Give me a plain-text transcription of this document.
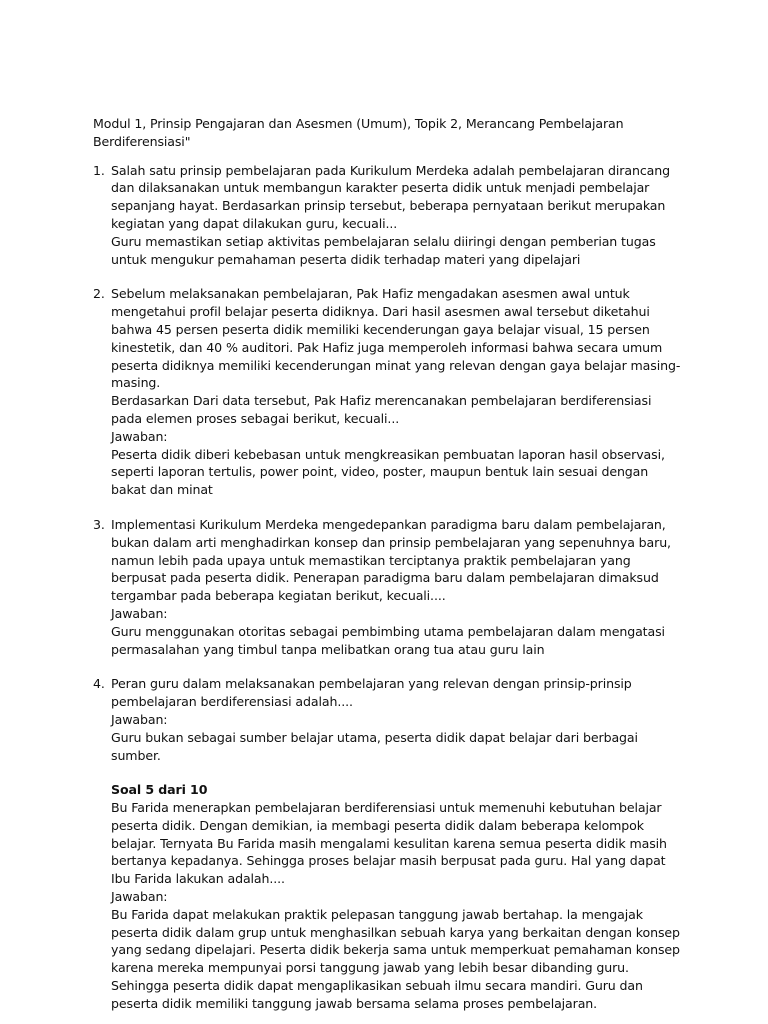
Modul 1, Prinsip Pengajaran dan Asesmen (Umum), Topik 2, Merancang Pembelajaran Berdiferensiasi"

1. Salah satu prinsip pembelajaran pada Kurikulum Merdeka adalah pembelajaran dirancang dan dilaksanakan untuk membangun karakter peserta didik untuk menjadi pembelajar sepanjang hayat. Berdasarkan prinsip tersebut, beberapa pernyataan berikut merupakan kegiatan yang dapat dilakukan guru, kecuali...

Guru memastikan setiap aktivitas pembelajaran selalu diiringi dengan pemberian tugas untuk mengukur pemahaman peserta didik terhadap materi yang dipelajari

2. Sebelum melaksanakan pembelajaran, Pak Hafiz mengadakan asesmen awal untuk mengetahui profil belajar peserta didiknya. Dari hasil asesmen awal tersebut diketahui bahwa 45 persen peserta didik memiliki kecenderungan gaya belajar visual, 15 persen kinestetik, dan 40 % auditori. Pak Hafiz juga memperoleh informasi bahwa secara umum peserta didiknya memiliki kecenderungan minat yang relevan dengan gaya belajar masing-masing.

Berdasarkan Dari data tersebut, Pak Hafiz merencanakan pembelajaran berdiferensiasi pada elemen proses sebagai berikut, kecuali...

Jawaban:

Peserta didik diberi kebebasan untuk mengkreasikan pembuatan laporan hasil observasi, seperti laporan tertulis, power point, video, poster, maupun bentuk lain sesuai dengan bakat dan minat

3. Implementasi Kurikulum Merdeka mengedepankan paradigma baru dalam pembelajaran, bukan dalam arti menghadirkan konsep dan prinsip pembelajaran yang sepenuhnya baru, namun lebih pada upaya untuk memastikan terciptanya praktik pembelajaran yang berpusat pada peserta didik. Penerapan paradigma baru dalam pembelajaran dimaksud tergambar pada beberapa kegiatan berikut, kecuali....

Jawaban:

Guru menggunakan otoritas sebagai pembimbing utama pembelajaran dalam mengatasi permasalahan yang timbul tanpa melibatkan orang tua atau guru lain

4. Peran guru dalam melaksanakan pembelajaran yang relevan dengan prinsip-prinsip pembelajaran berdiferensiasi adalah....

Jawaban:

Guru bukan sebagai sumber belajar utama, peserta didik dapat belajar dari berbagai sumber.

Soal 5 dari 10

Bu Farida menerapkan pembelajaran berdiferensiasi untuk memenuhi kebutuhan belajar peserta didik. Dengan demikian, ia membagi peserta didik dalam beberapa kelompok belajar. Ternyata Bu Farida masih mengalami kesulitan karena semua peserta didik masih bertanya kepadanya. Sehingga proses belajar masih berpusat pada guru. Hal yang dapat Ibu Farida lakukan adalah....

Jawaban:

Bu Farida dapat melakukan praktik pelepasan tanggung jawab bertahap. la mengajak peserta didik dalam grup untuk menghasilkan sebuah karya yang berkaitan dengan konsep yang sedang dipelajari. Peserta didik bekerja sama untuk memperkuat pemahaman konsep karena mereka mempunyai porsi tanggung jawab yang lebih besar dibanding guru. Sehingga peserta didik dapat mengaplikasikan sebuah ilmu secara mandiri. Guru dan peserta didik memiliki tanggung jawab bersama selama proses pembelajaran.
